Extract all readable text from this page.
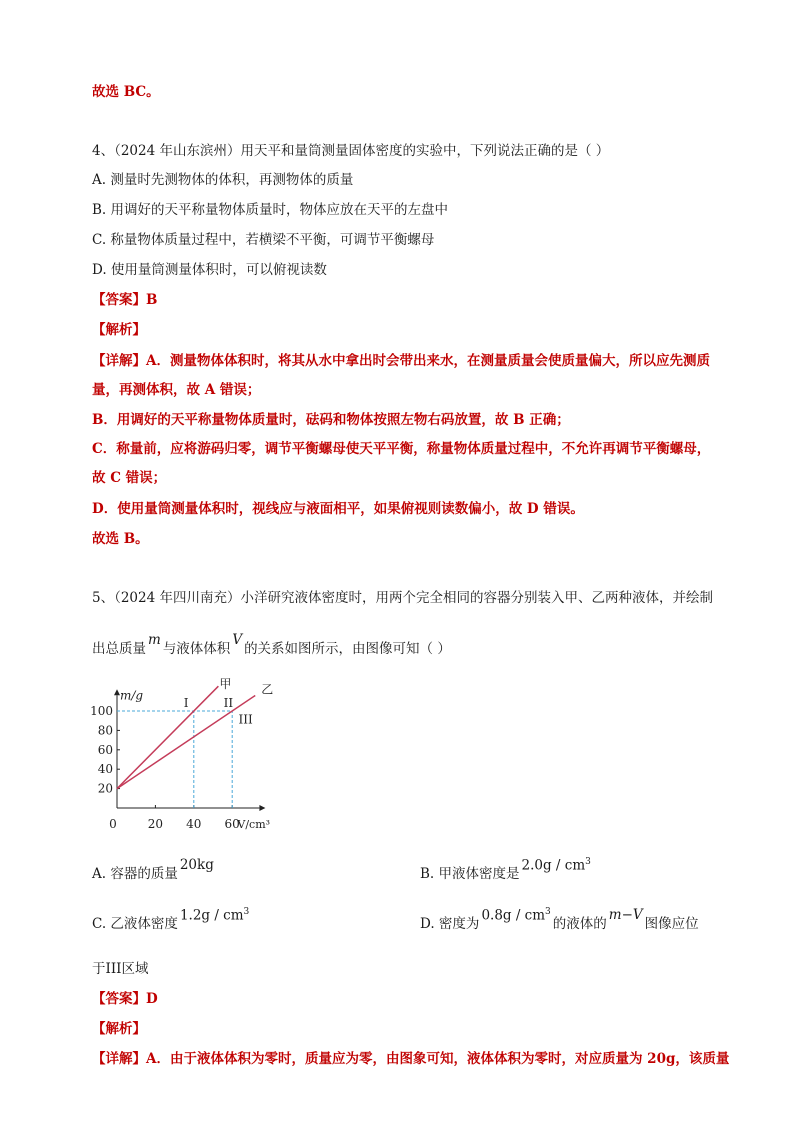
故选 BC。
4、（2024 年山东滨州）用天平和量筒测量固体密度的实验中，下列说法正确的是（ ）
A. 测量时先测物体的体积，再测物体的质量
B. 用调好的天平称量物体质量时，物体应放在天平的左盘中
C. 称量物体质量过程中，若横梁不平衡，可调节平衡螺母
D. 使用量筒测量体积时，可以俯视读数
【答案】B
【解析】
【详解】A．测量物体体积时，将其从水中拿出时会带出来水，在测量质量会使质量偏大，所以应先测质
量，再测体积，故 A 错误；
B．用调好的天平称量物体质量时，砝码和物体按照左物右码放置，故 B 正确；
C．称量前，应将游码归零，调节平衡螺母使天平平衡，称量物体质量过程中，不允许再调节平衡螺母，
故 C 错误；
D．使用量筒测量体积时，视线应与液面相平，如果俯视则读数偏小，故 D 错误。
故选 B。
5、（2024 年四川南充）小洋研究液体密度时，用两个完全相同的容器分别装入甲、乙两种液体，并绘制
出总质量m与液体体积V的关系如图所示，由图像可知（ ）
m/g
V/cm³
0	20 40 60
20
40
60
80
100
甲 乙
I	II
III
A. 容器的质量20kg
B. 甲液体密度是$2.0g / cm^3$
C. 乙液体密度$1.2g / cm^3$
D. 密度为$0.8g / cm^3$的液体的m−V图像应位
于III区域
【答案】D
【解析】
【详解】A．由于液体体积为零时，质量应为零，由图象可知，液体体积为零时，对应质量为 20g，该质量
